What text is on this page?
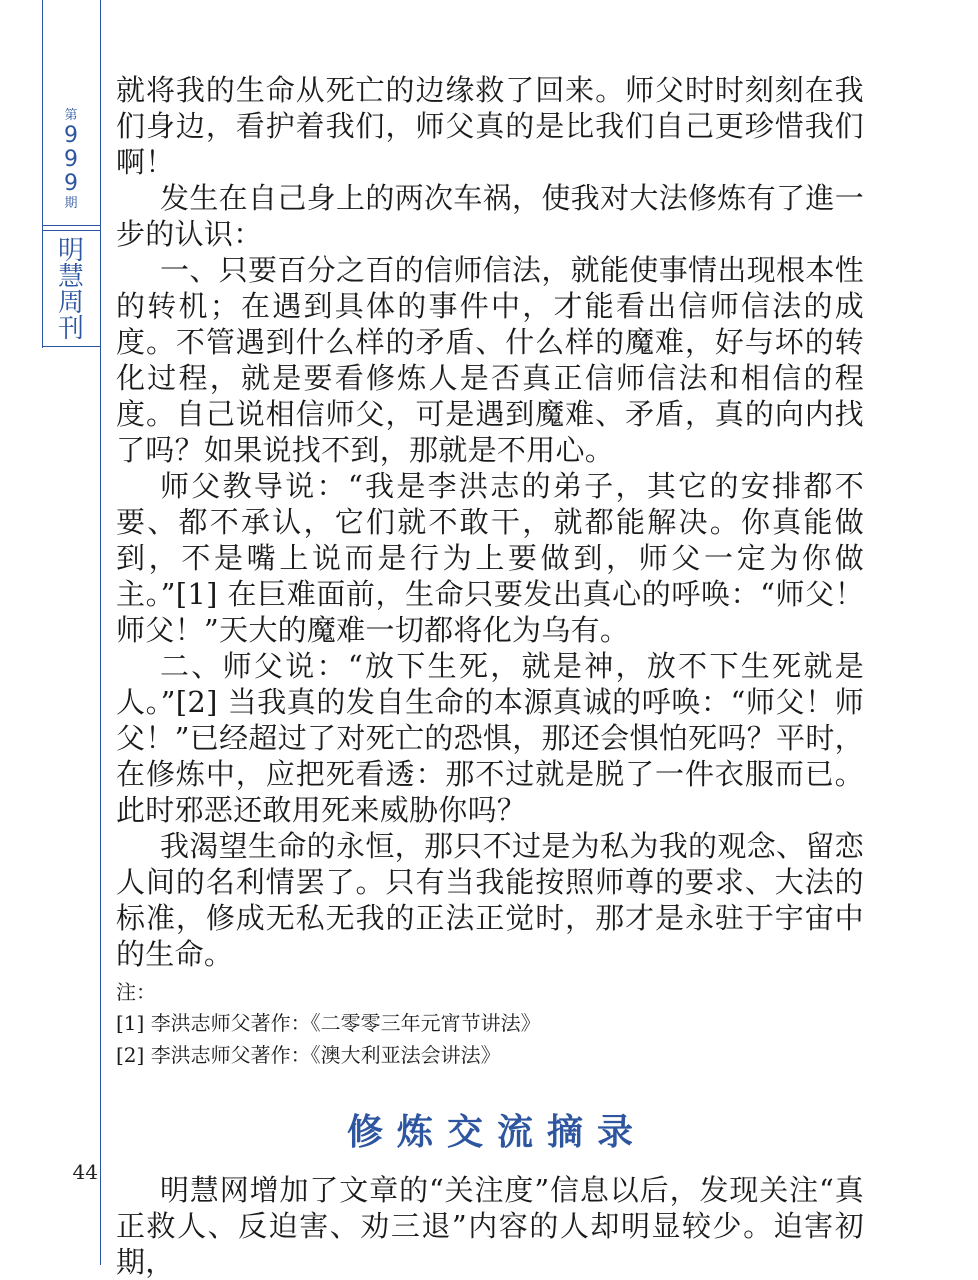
第
9
9
9
期
明
慧
周
刊
44

就将我的生命从死亡的边缘救了回来。师父时时刻刻在我们身边，看护着我们，师父真的是比我们自己更珍惜我们啊！

发生在自己身上的两次车祸，使我对大法修炼有了進一步的认识：

一、只要百分之百的信师信法，就能使事情出现根本性的转机；在遇到具体的事件中，才能看出信师信法的成度。不管遇到什么样的矛盾、什么样的魔难，好与坏的转化过程，就是要看修炼人是否真正信师信法和相信的程度。自己说相信师父，可是遇到魔难、矛盾，真的向内找了吗？如果说找不到，那就是不用心。

师父教导说：“我是李洪志的弟子，其它的安排都不要、都不承认，它们就不敢干，就都能解决。你真能做到，不是嘴上说而是行为上要做到，师父一定为你做主。”[1] 在巨难面前，生命只要发出真心的呼唤：“师父！师父！”天大的魔难一切都将化为乌有。

二、师父说：“放下生死，就是神，放不下生死就是人。”[2] 当我真的发自生命的本源真诚的呼唤：“师父！师父！”已经超过了对死亡的恐惧，那还会惧怕死吗？平时，在修炼中，应把死看透：那不过就是脱了一件衣服而已。此时邪恶还敢用死来威胁你吗？

我渴望生命的永恒，那只不过是为私为我的观念、留恋人间的名利情罢了。只有当我能按照师尊的要求、大法的标准，修成无私无我的正法正觉时，那才是永驻于宇宙中的生命。

注：

[1] 李洪志师父著作：《二零零三年元宵节讲法》

[2] 李洪志师父著作：《澳大利亚法会讲法》

修炼交流摘录

明慧网增加了文章的“关注度”信息以后，发现关注“真正救人、反迫害、劝三退”内容的人却明显较少。迫害初期，
